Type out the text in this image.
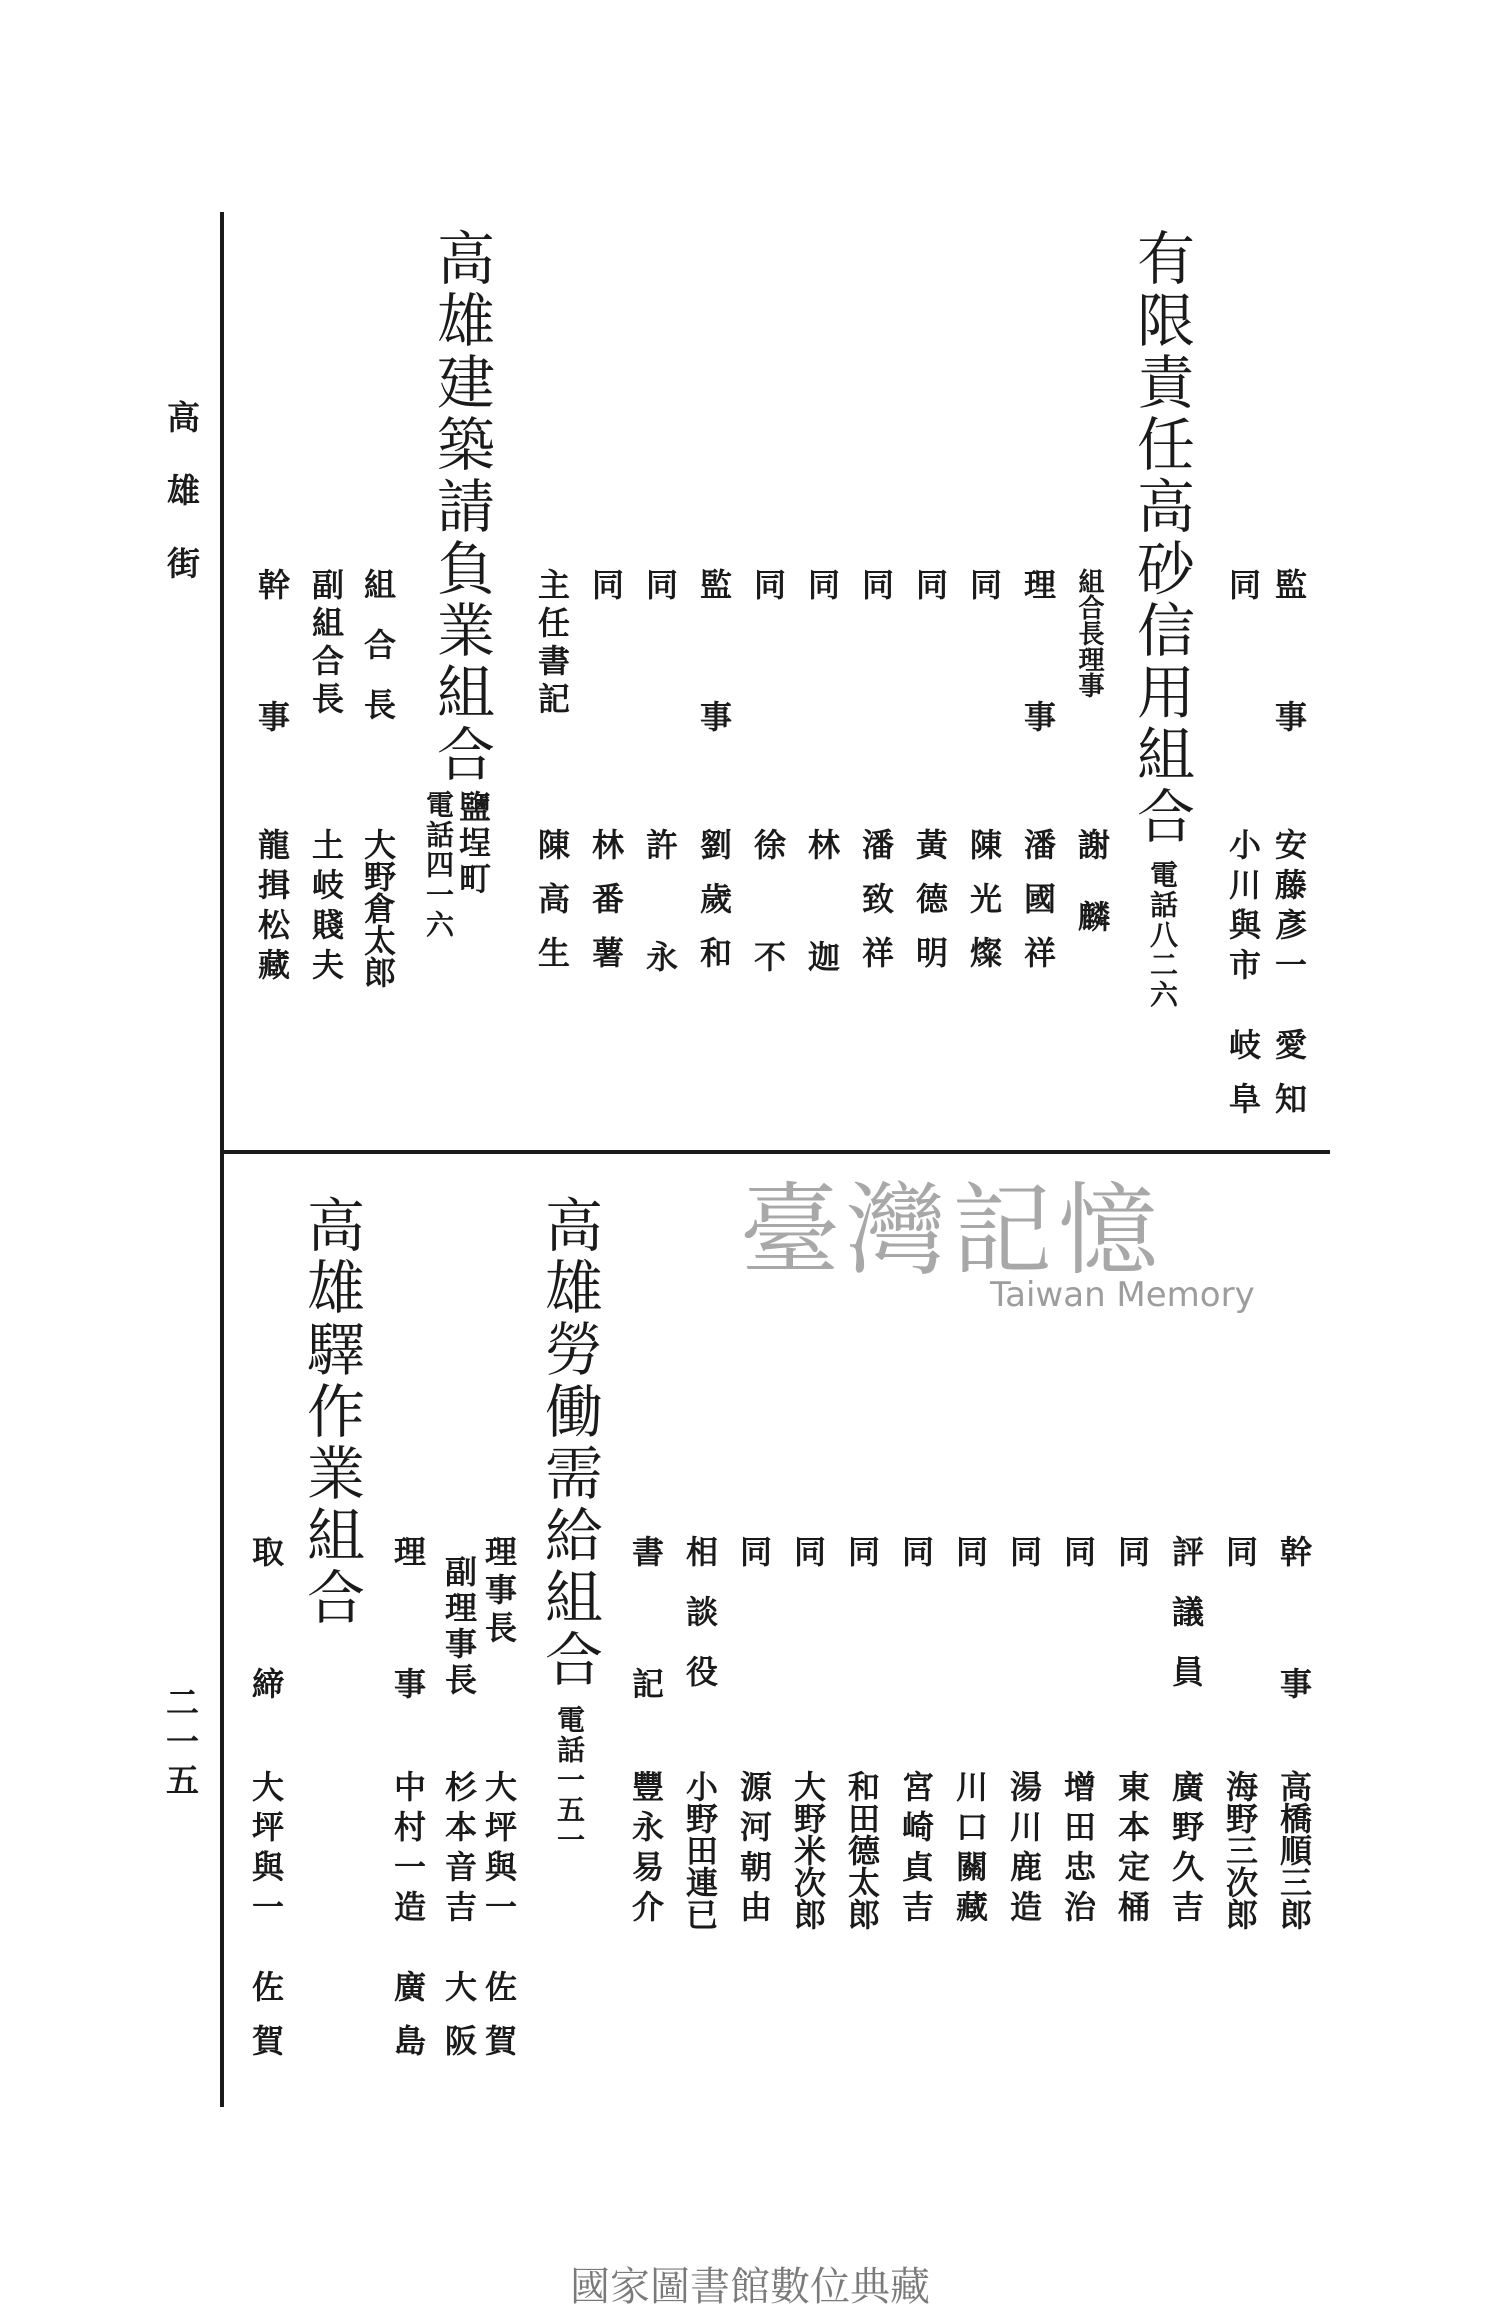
高雄街
二一五
有限責任高砂信用組合
電話八二六
監事
安藤彥一
愛知
同
小川與市
岐阜
組合長理事
謝麟
理事
潘國祥
同
陳光燦
同
黃德明
同
潘致祥
同
林迦
同
徐不
監事
劉歲和
同
許永
同
林番薯
主任書記
陳高生
高雄建築請負業組合
鹽埕町
電話四一六
組合長
大野倉太郎
副組合長
土岐賤夫
幹事
龍揖松藏
幹事
高橋順三郎
同
海野三次郎
評議員
廣野久吉
同
東本定桶
同
增田忠治
同
湯川鹿造
同
川口關藏
同
宮崎貞吉
同
和田德太郎
同
大野米次郎
同
源河朝由
相談役
小野田連已
書記
豐永易介
高雄勞働需給組合
電話一五一
理事長
大坪與一
佐賀
副理事長
杉本音吉
大阪
理事
中村一造
廣島
高雄驛作業組合
取締
大坪與一
佐賀
臺灣記憶
Taiwan Memory
國家圖書館數位典藏
